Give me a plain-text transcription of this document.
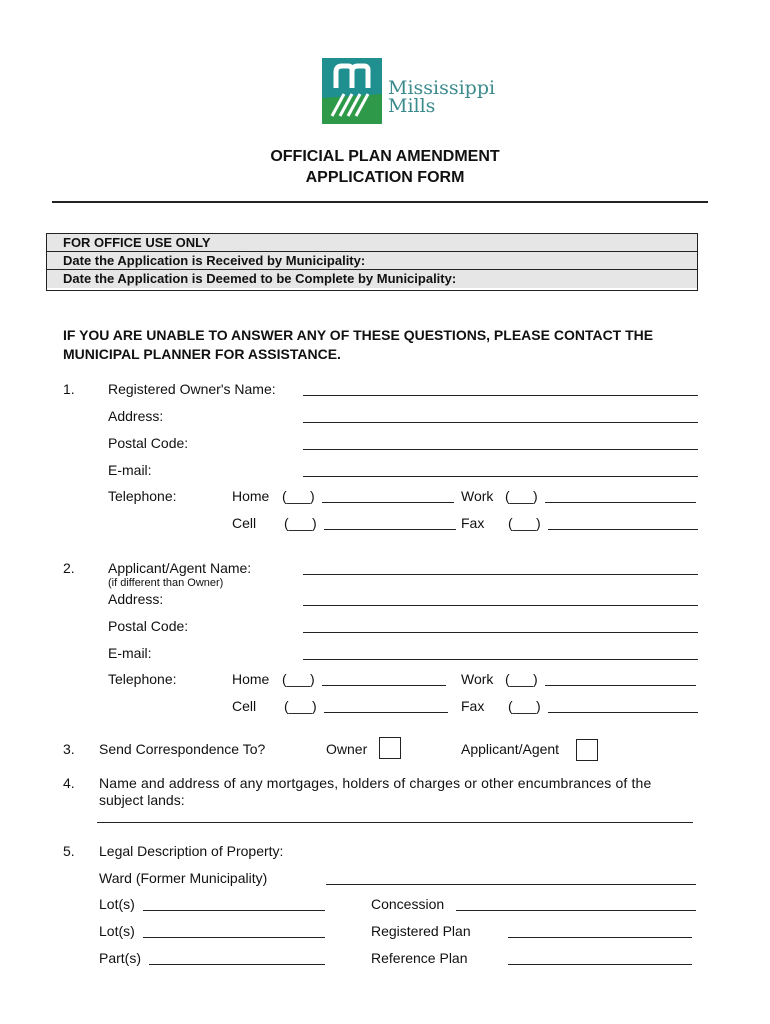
Mississippi
Mills
OFFICIAL PLAN AMENDMENT
APPLICATION FORM
FOR OFFICE USE ONLY
Date the Application is Received by Municipality:
Date the Application is Deemed to be Complete by Municipality:
IF YOU ARE UNABLE TO ANSWER ANY OF THESE QUESTIONS, PLEASE CONTACT THE
MUNICIPAL PLANNER FOR ASSISTANCE.
1. Registered Owner's Name:
Address:
Postal Code:
E-mail:
Telephone:	Home (___)	Work (___)
Cell (___)	Fax (___)
2. Applicant/Agent Name:
(if different than Owner)
Address:
Postal Code:
E-mail:
Telephone:	Home (___)	Work (___)
Cell (___)	Fax (___)
3. Send Correspondence To?	Owner	Applicant/Agent
4. Name and address of any mortgages, holders of charges or other encumbrances of the
subject lands:
5. Legal Description of Property:
Ward (Former Municipality)
Lot(s)	Concession
Lot(s)	Registered Plan
Part(s)	Reference Plan
